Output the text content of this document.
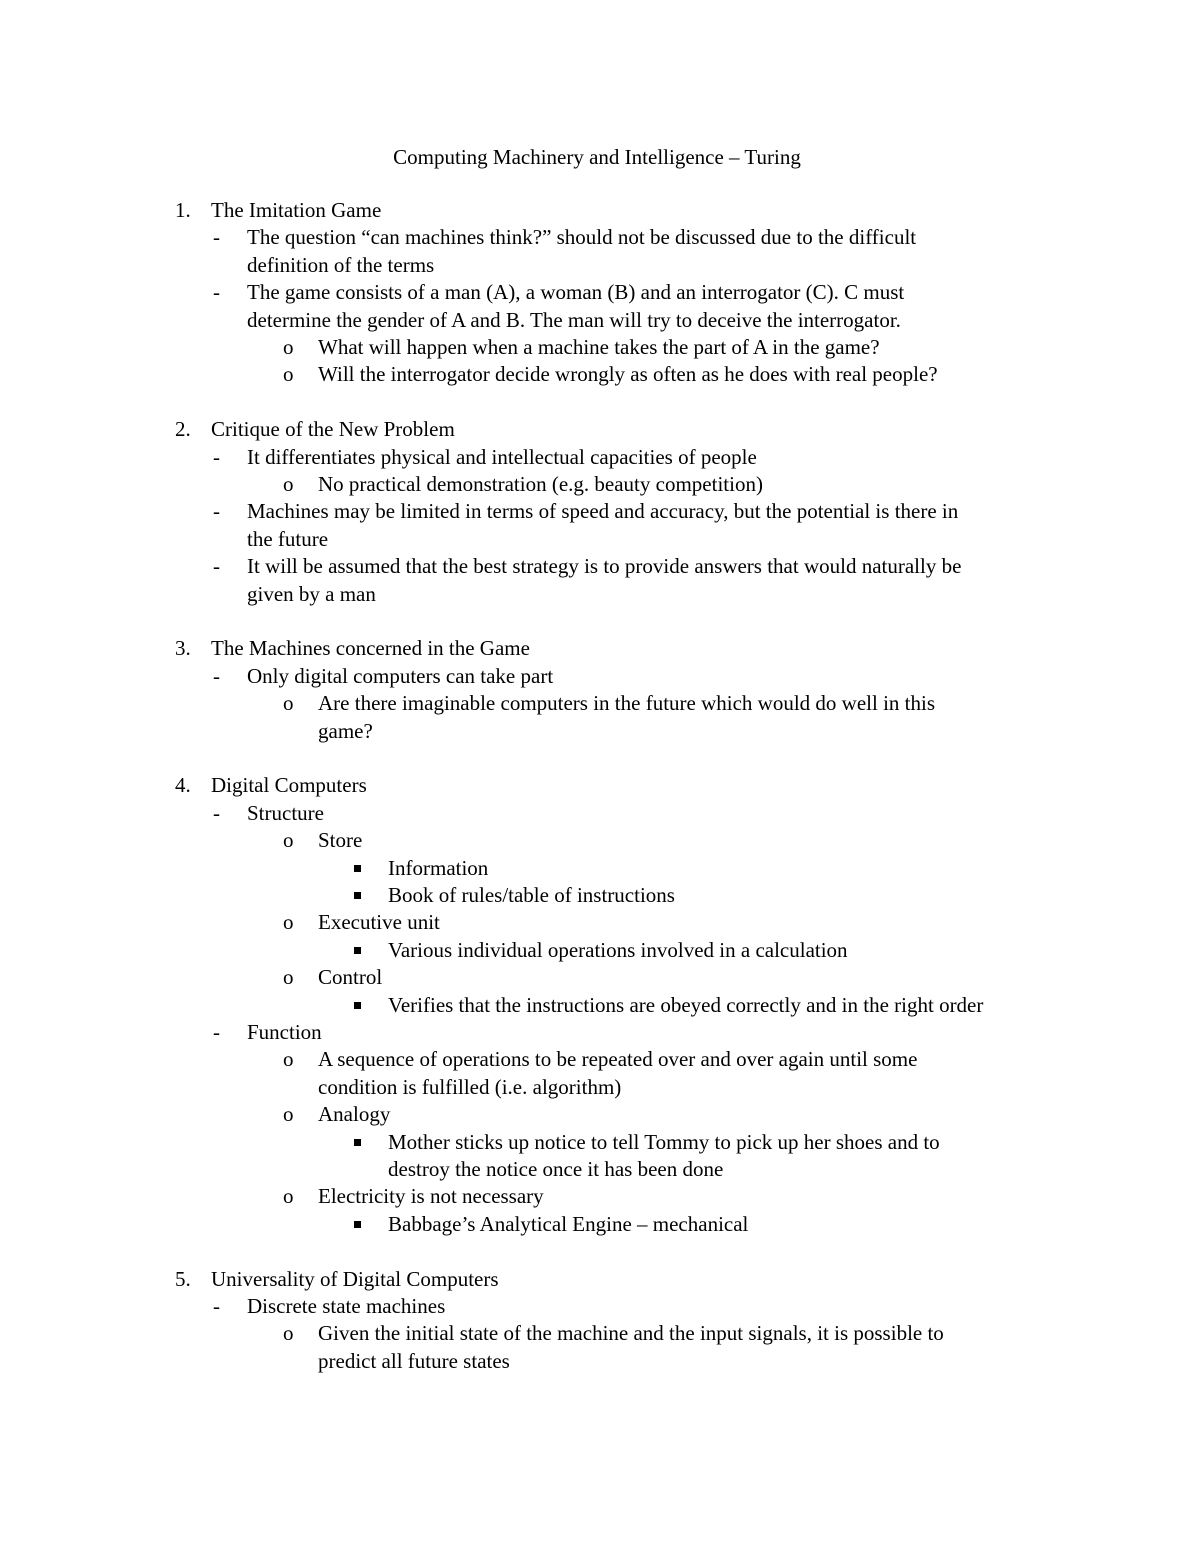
Computing Machinery and Intelligence – Turing
1. The Imitation Game
- The question “can machines think?” should not be discussed due to the difficult
definition of the terms
- The game consists of a man (A), a woman (B) and an interrogator (C). C must
determine the gender of A and B. The man will try to deceive the interrogator.
o What will happen when a machine takes the part of A in the game?
o Will the interrogator decide wrongly as often as he does with real people?
2. Critique of the New Problem
- It differentiates physical and intellectual capacities of people
o No practical demonstration (e.g. beauty competition)
- Machines may be limited in terms of speed and accuracy, but the potential is there in
the future
- It will be assumed that the best strategy is to provide answers that would naturally be
given by a man
3. The Machines concerned in the Game
- Only digital computers can take part
o Are there imaginable computers in the future which would do well in this
game?
4. Digital Computers
- Structure
o Store
Information
Book of rules/table of instructions
o Executive unit
Various individual operations involved in a calculation
o Control
Verifies that the instructions are obeyed correctly and in the right order
- Function
o A sequence of operations to be repeated over and over again until some
condition is fulfilled (i.e. algorithm)
o Analogy
Mother sticks up notice to tell Tommy to pick up her shoes and to
destroy the notice once it has been done
o Electricity is not necessary
Babbage’s Analytical Engine – mechanical
5. Universality of Digital Computers
- Discrete state machines
o Given the initial state of the machine and the input signals, it is possible to
predict all future states
